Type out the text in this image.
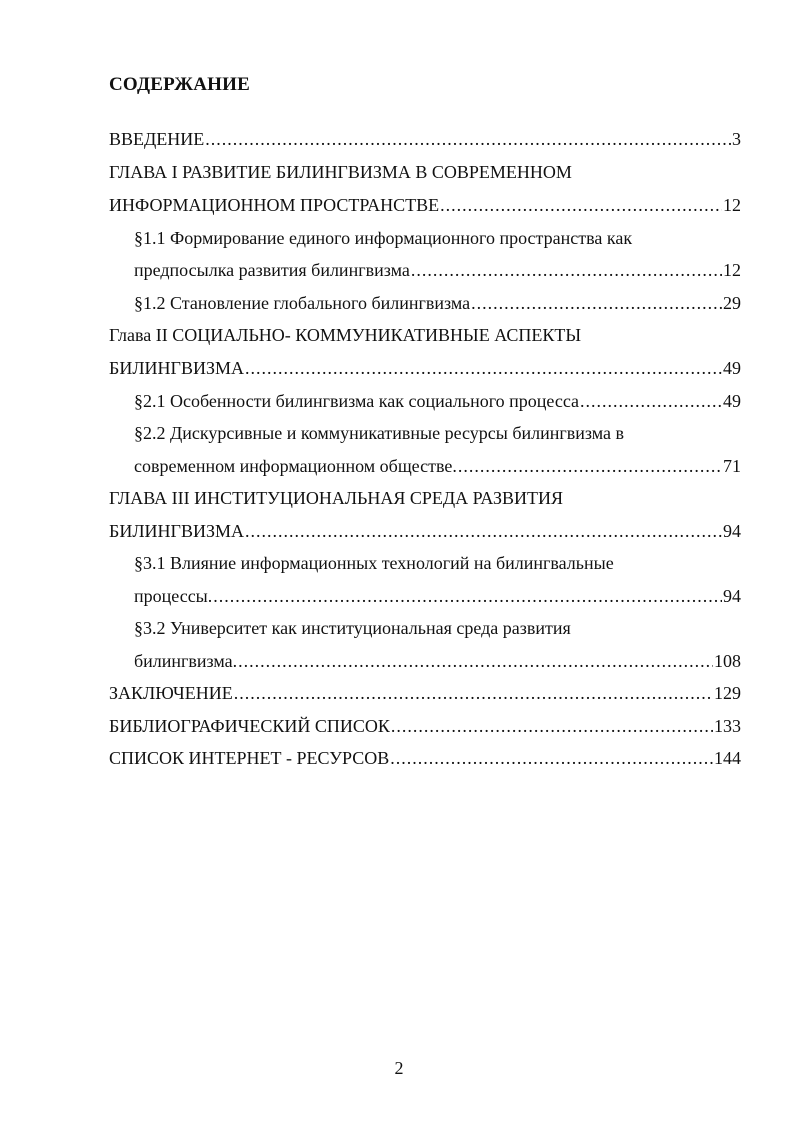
СОДЕРЖАНИЕ
ВВЕДЕНИЕ .....	3
ГЛАВА I РАЗВИТИЕ БИЛИНГВИЗМА В СОВРЕМЕННОМ
ИНФОРМАЦИОННОМ ПРОСТРАНСТВЕ .....	12
§1.1 Формирование единого информационного пространства как
предпосылка развития билингвизма .....	12
§1.2 Становление глобального билингвизма .....	29
Глава II СОЦИАЛЬНО- КОММУНИКАТИВНЫЕ АСПЕКТЫ
БИЛИНГВИЗМА .....	49
§2.1 Особенности билингвизма как социального процесса .....	49
§2.2 Дискурсивные и коммуникативные ресурсы билингвизма в
современном информационном обществе. .....	71
ГЛАВА III ИНСТИТУЦИОНАЛЬНАЯ СРЕДА РАЗВИТИЯ
БИЛИНГВИЗМА .....	94
§3.1 Влияние информационных технологий на билингвальные
процессы. .....	94
§3.2 Университет как институциональная среда развития
билингвизма. .....	108
ЗАКЛЮЧЕНИЕ .....	129
БИБЛИОГРАФИЧЕСКИЙ СПИСОК .....	133
СПИСОК ИНТЕРНЕТ - РЕСУРСОВ .....	144

2
